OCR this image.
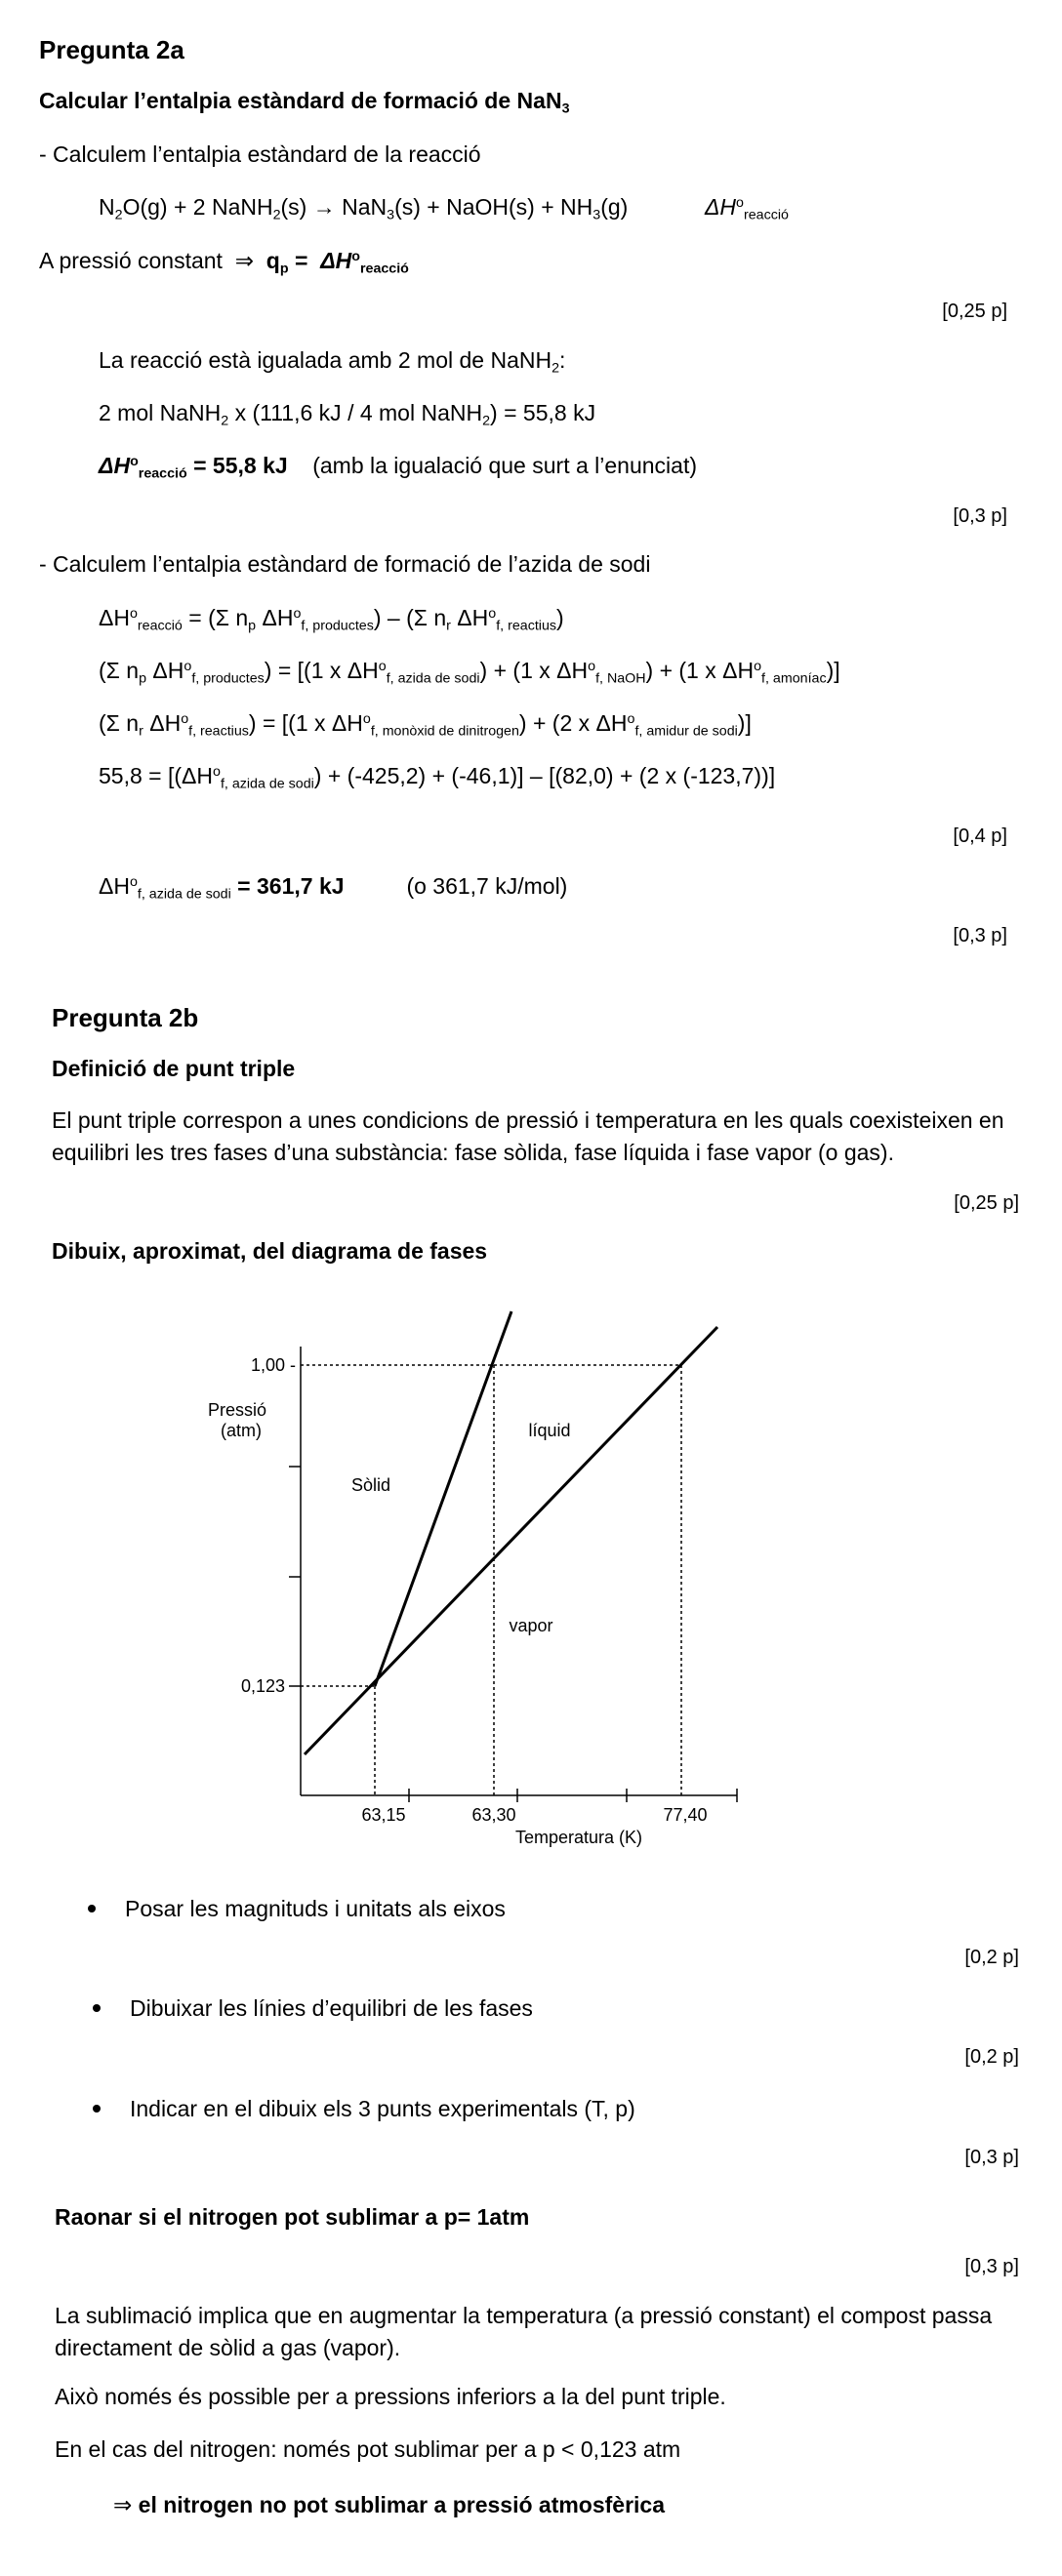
Pregunta 2a
Calcular l’entalpia estàndard de formació de NaN$_3$
- Calculem l’entalpia estàndard de la reacció
$N_2O(g) + 2$ NaNH$_2$(s) → NaN$_3$(s) + NaOH(s) + $NH_3(g)$	$\Delta H^o_{reacció}$
A pressió constant ⇒ $q_p = \Delta H^o_{reacció}$
[0,25 p]
La reacció està igualada amb 2 mol de NaNH$_2$:
2 mol NaNH$_2$ x (111,6 kJ / 4 mol NaNH$_2$) = 55,8 kJ
$\Delta H^o_{reacció} = 55,8$ kJ (amb la igualació que surt a l’enunciat)
[0,3 p]
- Calculem l’entalpia estàndard de formació de l’azida de sodi
$\Delta H^o_{reacció} = (\Sigma$ $n_p$ $\Delta H^o_{f, productes}) - (\Sigma$ $n_r$ $\Delta H^o_{f, reactius}$)
(Σ $n_p$ $\Delta H^o_{f, productes}) = [(1$ x $\Delta H^o_{f, azida de sodi}) + (1$ x $\Delta H^o_{f, NaOH}) + (1$ x $\Delta H^o_{f, amoníac}$)]
(Σ $n_r$ $\Delta H^o_{f, reactius}) = [(1$ x $\Delta H^o_{f, monòxid de dinitrogen}) + (2$ x $\Delta H^o_{f, amidur de sodi}$)]
$55,8 = [(\Delta H^o_{f, azida de sodi}) + (-425,2) + (-46,1)] - [(82,0) + (2$ x (-123,7))]
[0,4 p]
$\Delta H^o_{f, azida de sodi} = 361,7$ kJ	(o 361,7 kJ/mol)
[0,3 p]
Pregunta 2b
Definició de punt triple
El punt triple correspon a unes condicions de pressió i temperatura en les quals coexisteixen en equilibri les tres fases d’una substància: fase sòlida, fase líquida i fase vapor (o gas).
[0,25 p]
Dibuix, aproximat, del diagrama de fases
1,00 -
0,123
Pressió
(atm)
63,15	63,30	77,40
Temperatura (K)
Sòlid
líquid
vapor
Posar les magnituds i unitats als eixos
[0,2 p]
Dibuixar les línies d’equilibri de les fases
[0,2 p]
Indicar en el dibuix els 3 punts experimentals (T, p)
[0,3 p]
Raonar si el nitrogen pot sublimar a p= 1atm
[0,3 p]
La sublimació implica que en augmentar la temperatura (a pressió constant) el compost passa directament de sòlid a gas (vapor).
Això només és possible per a pressions inferiors a la del punt triple.
En el cas del nitrogen: només pot sublimar per a p < 0,123 atm
⇒ el nitrogen no pot sublimar a pressió atmosfèrica
